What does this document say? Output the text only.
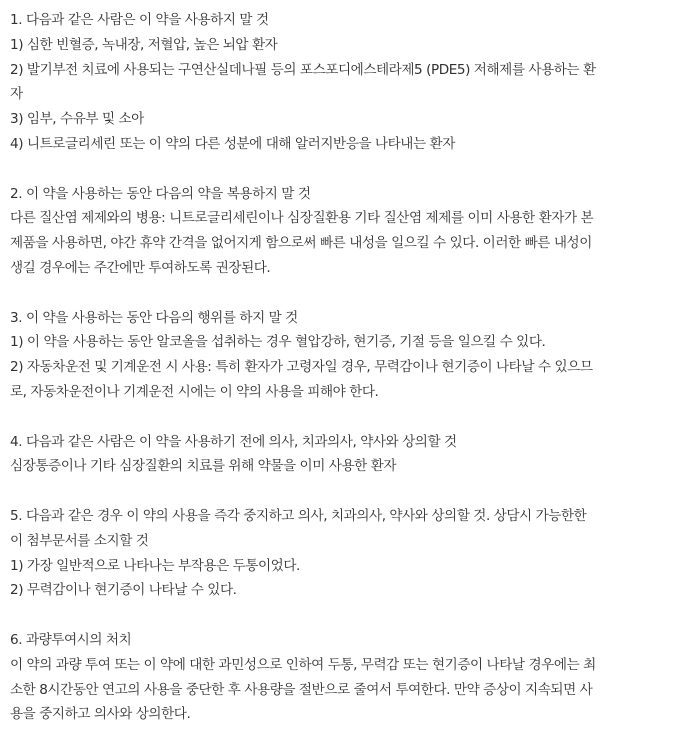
1. 다음과 같은 사람은 이 약을 사용하지 말 것
1) 심한 빈혈증, 녹내장, 저혈압, 높은 뇌압 환자
2) 발기부전 치료에 사용되는 구연산실데나필 등의 포스포디에스테라제5 (PDE5) 저해제를 사용하는 환
자
3) 임부, 수유부 및 소아
4) 니트로글리세린 또는 이 약의 다른 성분에 대해 알러지반응을 나타내는 환자
2. 이 약을 사용하는 동안 다음의 약을 복용하지 말 것
다른 질산염 제제와의 병용: 니트로글리세린이나 심장질환용 기타 질산염 제제를 이미 사용한 환자가 본
제품을 사용하면, 야간 휴약 간격을 없어지게 함으로써 빠른 내성을 일으킬 수 있다. 이러한 빠른 내성이
생길 경우에는 주간에만 투여하도록 권장된다.
3. 이 약을 사용하는 동안 다음의 행위를 하지 말 것
1) 이 약을 사용하는 동안 알코올을 섭취하는 경우 혈압강하, 현기증, 기절 등을 일으킬 수 있다.
2) 자동차운전 및 기계운전 시 사용: 특히 환자가 고령자일 경우, 무력감이나 현기증이 나타날 수 있으므
로, 자동차운전이나 기계운전 시에는 이 약의 사용을 피해야 한다.
4. 다음과 같은 사람은 이 약을 사용하기 전에 의사, 치과의사, 약사와 상의할 것
심장통증이나 기타 심장질환의 치료를 위해 약물을 이미 사용한 환자
5. 다음과 같은 경우 이 약의 사용을 즉각 중지하고 의사, 치과의사, 약사와 상의할 것. 상담시 가능한한
이 첨부문서를 소지할 것
1) 가장 일반적으로 나타나는 부작용은 두통이었다.
2) 무력감이나 현기증이 나타날 수 있다.
6. 과량투여시의 처치
이 약의 과량 투여 또는 이 약에 대한 과민성으로 인하여 두통, 무력감 또는 현기증이 나타날 경우에는 최
소한 8시간동안 연고의 사용을 중단한 후 사용량을 절반으로 줄여서 투여한다. 만약 증상이 지속되면 사
용을 중지하고 의사와 상의한다.
